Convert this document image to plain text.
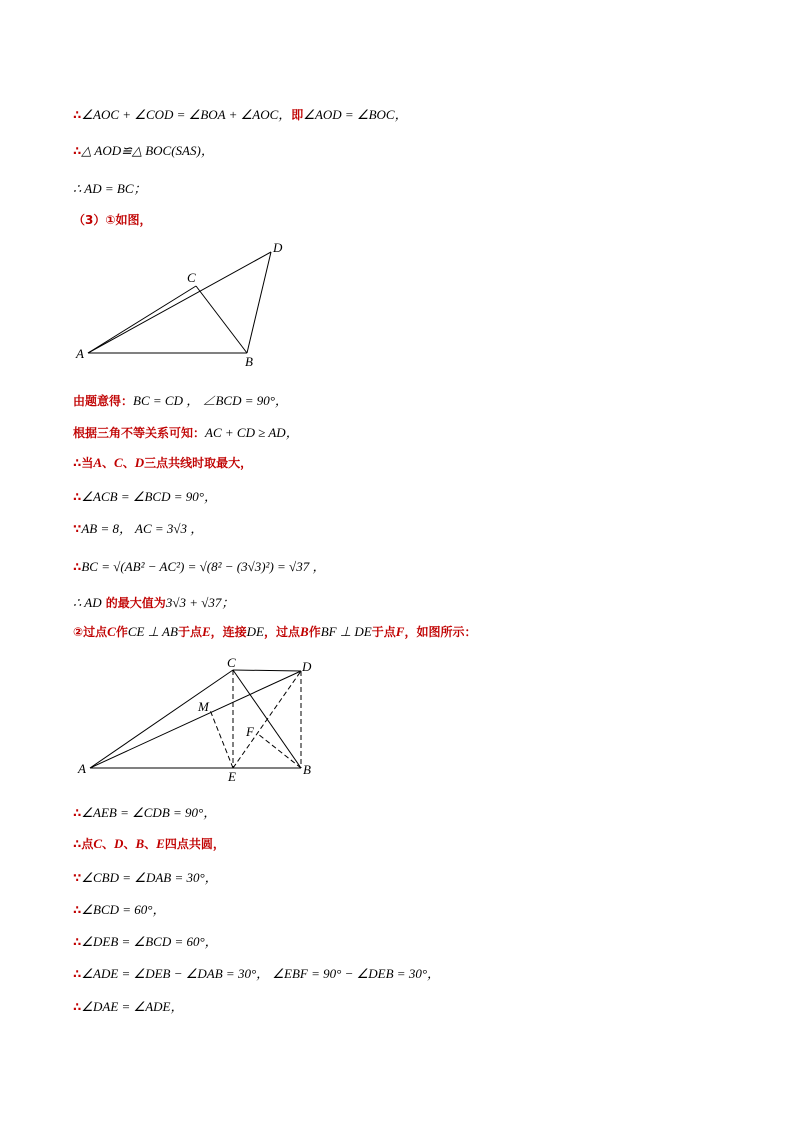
∴∠AOC + ∠COD = ∠BOA + ∠AOC，即∠AOD = ∠BOC，
∴△ AOD≌△ BOC(SAS)，
∴ AD = BC；
（3）①如图，
A
B
C
D
由题意得：BC = CD ， ∠BCD = 90°，
根据三角不等关系可知：AC + CD ≥ AD，
∴当A、C、D三点共线时取最大，
∴∠ACB = ∠BCD = 90°，
∵AB = 8， AC = 3√3 ，
∴BC = √(AB² − AC²) = √(8² − (3√3)²) = √37 ，
∴ AD 的最大值为3√3 + √37；
②过点C作CE ⊥ AB于点E，连接DE，过点B作BF ⊥ DE于点F，如图所示：
A	B
C	D
E
F
M
∴∠AEB = ∠CDB = 90°，
∴点C、D、B、E四点共圆，
∵∠CBD = ∠DAB = 30°，
∴∠BCD = 60°，
∴∠DEB = ∠BCD = 60°，
∴∠ADE = ∠DEB − ∠DAB = 30°， ∠EBF = 90° − ∠DEB = 30°，
∴∠DAE = ∠ADE，
